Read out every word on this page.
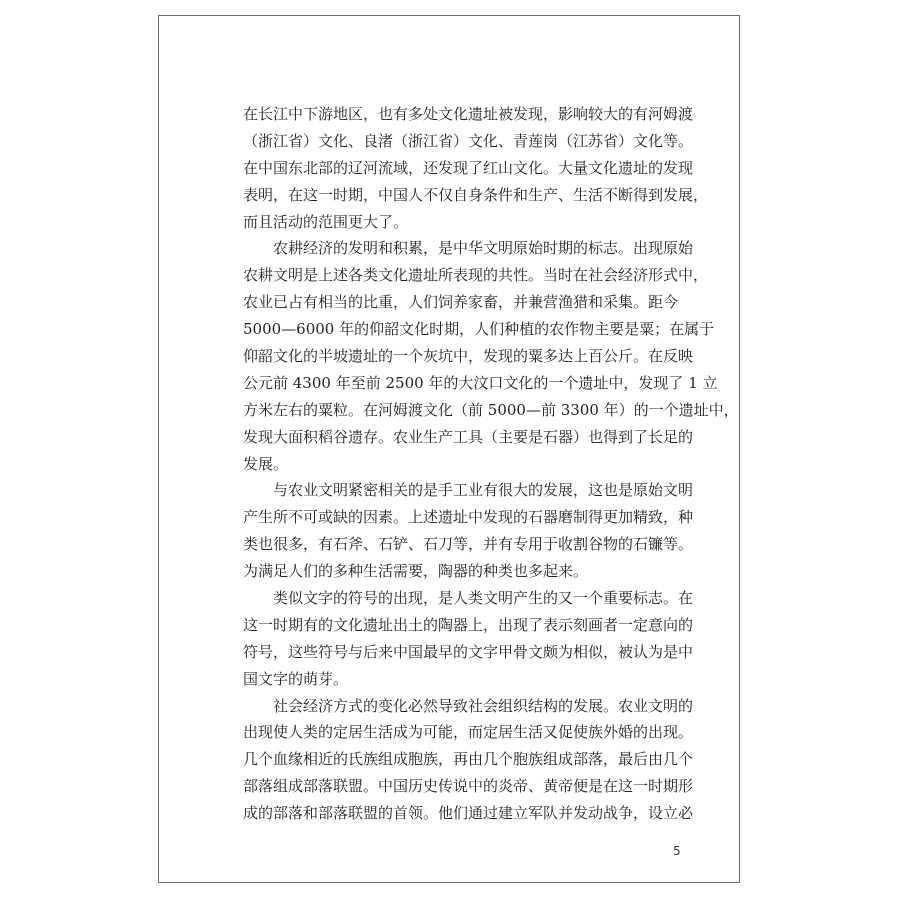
在长江中下游地区，也有多处文化遗址被发现，影响较大的有河姆渡
（浙江省）文化、良渚（浙江省）文化、青莲岗（江苏省）文化等。
在中国东北部的辽河流域，还发现了红山文化。大量文化遗址的发现
表明，在这一时期，中国人不仅自身条件和生产、生活不断得到发展，
而且活动的范围更大了。
农耕经济的发明和积累，是中华文明原始时期的标志。出现原始
农耕文明是上述各类文化遗址所表现的共性。当时在社会经济形式中，
农业已占有相当的比重，人们饲养家畜，并兼营渔猎和采集。距今
5000—6000 年的仰韶文化时期，人们种植的农作物主要是粟；在属于
仰韶文化的半坡遗址的一个灰坑中，发现的粟多达上百公斤。在反映
公元前 4300 年至前 2500 年的大汶口文化的一个遗址中，发现了 1 立
方米左右的粟粒。在河姆渡文化（前 5000—前 3300 年）的一个遗址中，
发现大面积稻谷遗存。农业生产工具（主要是石器）也得到了长足的
发展。
与农业文明紧密相关的是手工业有很大的发展，这也是原始文明
产生所不可或缺的因素。上述遗址中发现的石器磨制得更加精致，种
类也很多，有石斧、石铲、石刀等，并有专用于收割谷物的石镰等。
为满足人们的多种生活需要，陶器的种类也多起来。
类似文字的符号的出现，是人类文明产生的又一个重要标志。在
这一时期有的文化遗址出土的陶器上，出现了表示刻画者一定意向的
符号，这些符号与后来中国最早的文字甲骨文颇为相似，被认为是中
国文字的萌芽。
社会经济方式的变化必然导致社会组织结构的发展。农业文明的
出现使人类的定居生活成为可能，而定居生活又促使族外婚的出现。
几个血缘相近的氏族组成胞族，再由几个胞族组成部落，最后由几个
部落组成部落联盟。中国历史传说中的炎帝、黄帝便是在这一时期形
成的部落和部落联盟的首领。他们通过建立军队并发动战争，设立必
5
